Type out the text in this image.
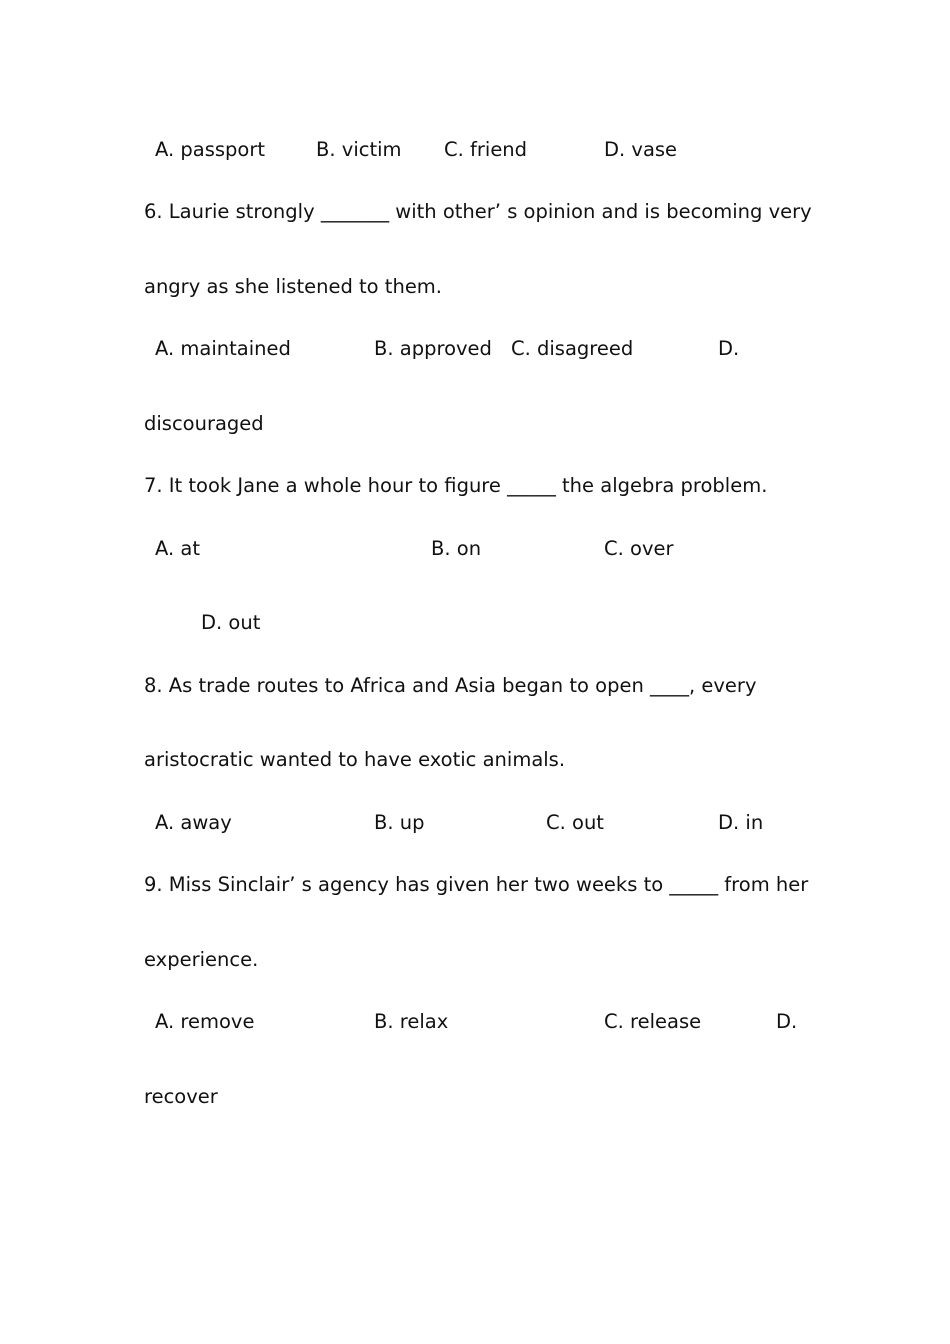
A. passport	B. victim C. friend	D. vase
6. Laurie strongly _______ with other’ s opinion and is becoming very
angry as she listened to them.
A. maintained	B. approved C. disagreed	D.
discouraged
7. It took Jane a whole hour to figure _____ the algebra problem.
A. at	B. on	C. over
D. out
8. As trade routes to Africa and Asia began to open ____, every
aristocratic wanted to have exotic animals.
A. away	B. up	C. out	D. in
9. Miss Sinclair’ s agency has given her two weeks to _____ from her
experience.
A. remove	B. relax	C. release	D.
recover
